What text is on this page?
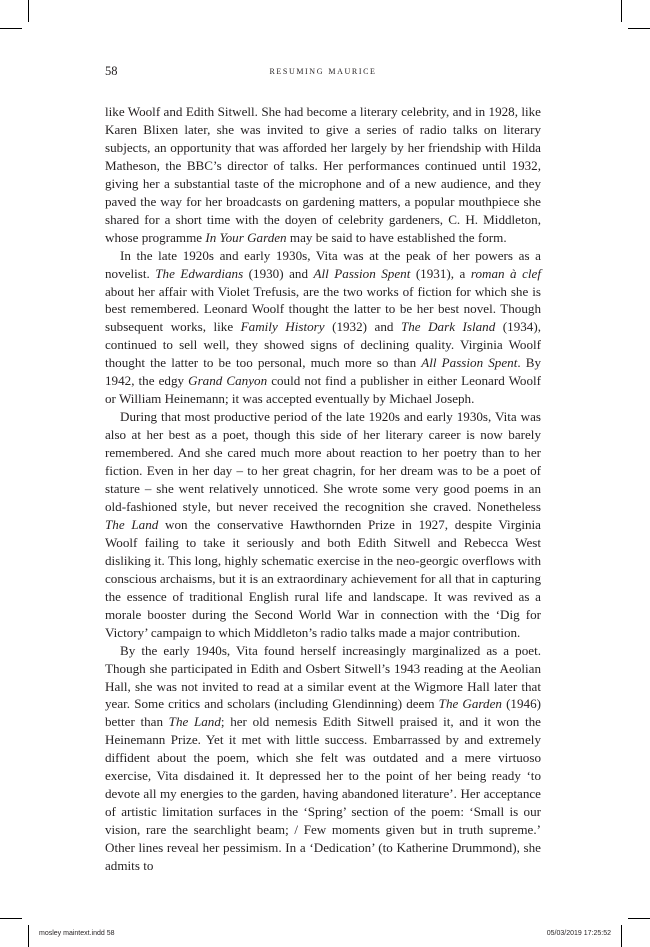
58	resuming maurice

like Woolf and Edith Sitwell. She had become a literary celebrity, and in 1928, like Karen Blixen later, she was invited to give a series of radio talks on literary subjects, an opportunity that was afforded her largely by her friendship with Hilda Matheson, the BBC’s director of talks. Her performances continued until 1932, giving her a substantial taste of the microphone and of a new audience, and they paved the way for her broadcasts on gardening matters, a popular mouthpiece she shared for a short time with the doyen of celebrity gardeners, C. H. Middleton, whose programme In Your Garden may be said to have established the form.

In the late 1920s and early 1930s, Vita was at the peak of her powers as a novelist. The Edwardians (1930) and All Passion Spent (1931), a roman à clef about her affair with Violet Trefusis, are the two works of fiction for which she is best remembered. Leonard Woolf thought the latter to be her best novel. Though subsequent works, like Family History (1932) and The Dark Island (1934), continued to sell well, they showed signs of declining quality. Virginia Woolf thought the latter to be too personal, much more so than All Passion Spent. By 1942, the edgy Grand Canyon could not find a publisher in either Leonard Woolf or William Heinemann; it was accepted eventually by Michael Joseph.

During that most productive period of the late 1920s and early 1930s, Vita was also at her best as a poet, though this side of her literary career is now barely remembered. And she cared much more about reaction to her poetry than to her fiction. Even in her day – to her great chagrin, for her dream was to be a poet of stature – she went relatively unnoticed. She wrote some very good poems in an old-fashioned style, but never received the recognition she craved. Nonetheless The Land won the conservative Hawthornden Prize in 1927, despite Virginia Woolf failing to take it seriously and both Edith Sitwell and Rebecca West disliking it. This long, highly schematic exercise in the neo-georgic overflows with conscious archaisms, but it is an extraordinary achievement for all that in capturing the essence of traditional English rural life and landscape. It was revived as a morale booster during the Second World War in connection with the ‘Dig for Victory’ campaign to which Middleton’s radio talks made a major contribution.

By the early 1940s, Vita found herself increasingly marginalized as a poet. Though she participated in Edith and Osbert Sitwell’s 1943 reading at the Aeolian Hall, she was not invited to read at a similar event at the Wigmore Hall later that year. Some critics and scholars (including Glendinning) deem The Garden (1946) better than The Land; her old nemesis Edith Sitwell praised it, and it won the Heinemann Prize. Yet it met with little success. Embarrassed by and extremely diffident about the poem, which she felt was outdated and a mere virtuoso exercise, Vita disdained it. It depressed her to the point of her being ready ‘to devote all my energies to the garden, having abandoned literature’. Her acceptance of artistic limitation surfaces in the ‘Spring’ section of the poem: ‘Small is our vision, rare the searchlight beam; / Few moments given but in truth supreme.’ Other lines reveal her pessimism. In a ‘Dedication’ (to Katherine Drummond), she admits to

mosley maintext.indd 58	05/03/2019 17:25:52
